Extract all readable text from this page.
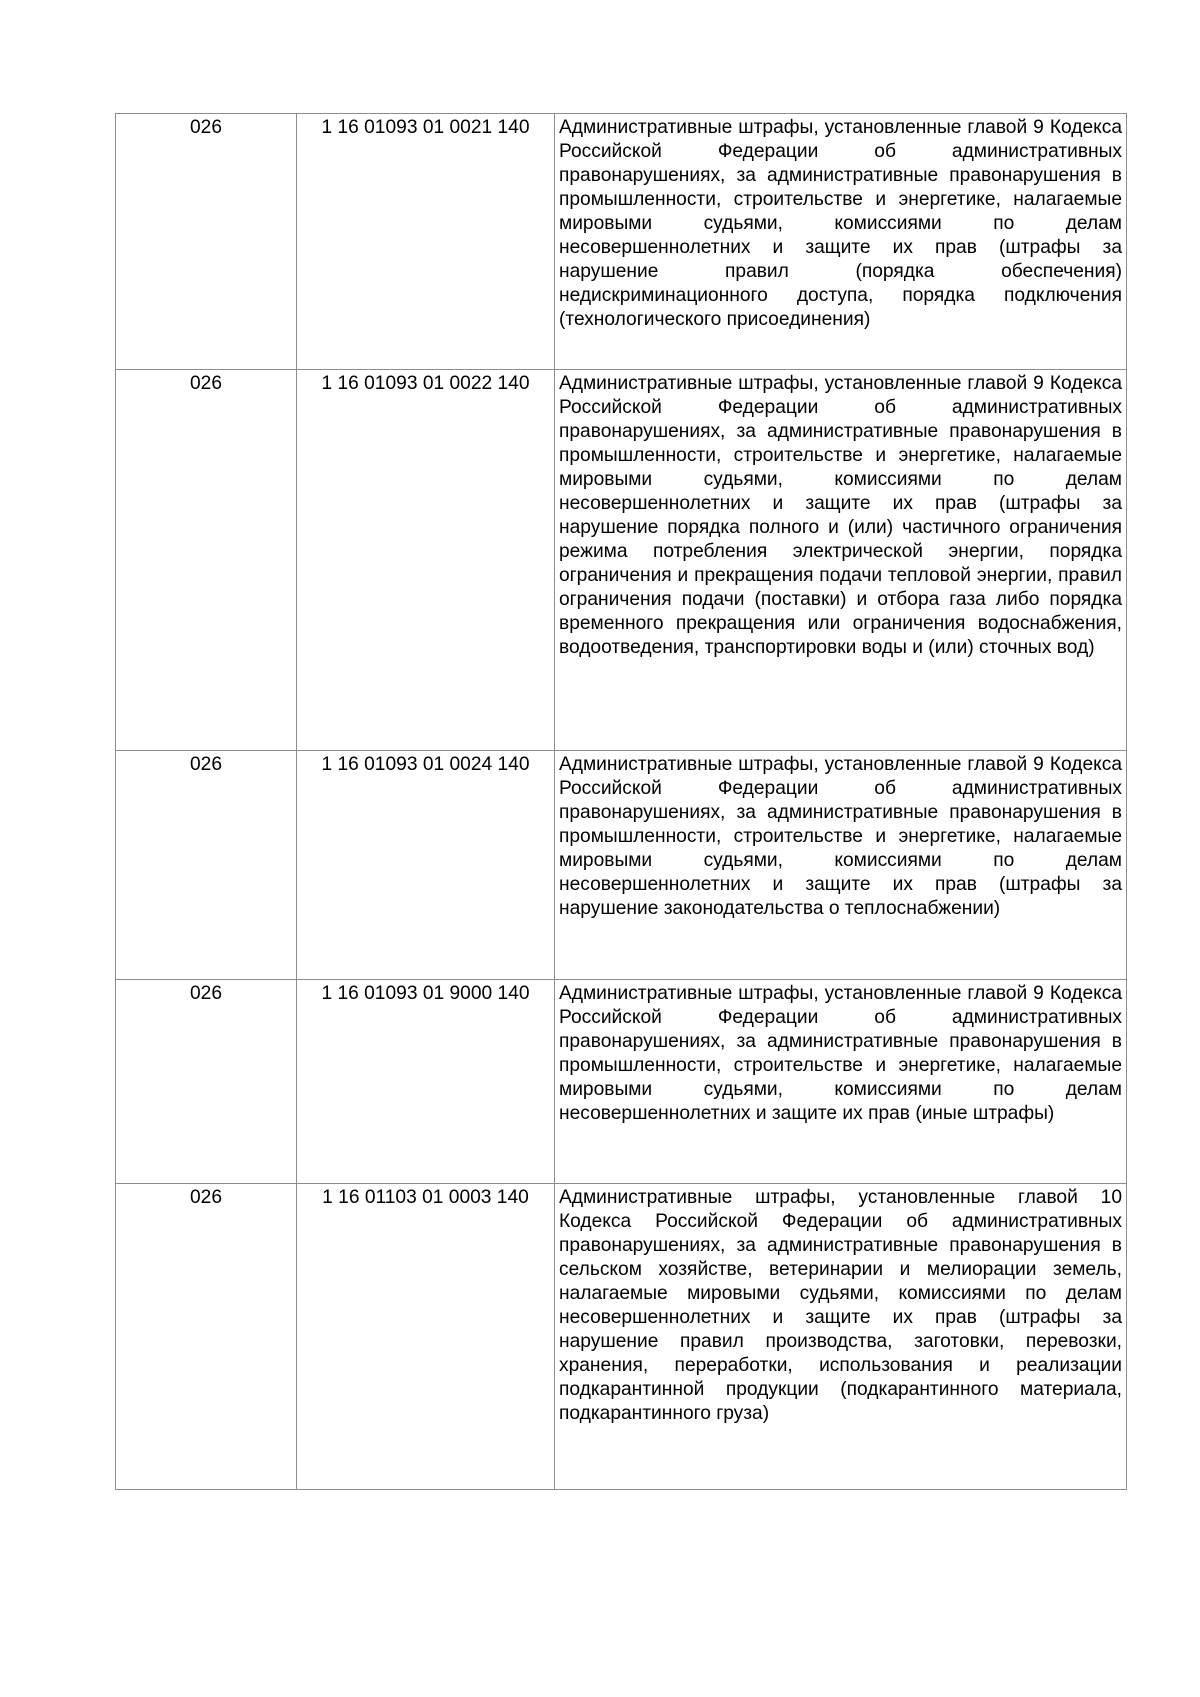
026	1 16 01093 01 0021 140	Административные штрафы, установленные главой 9 Кодекса Российской Федерации об административных правонарушениях, за административные правонарушения в промышленности, строительстве и энергетике, налагаемые мировыми судьями, комиссиями по делам несовершеннолетних и защите их прав (штрафы за нарушение правил (порядка обеспечения) недискриминационного доступа, порядка подключения (технологического присоединения)
026	1 16 01093 01 0022 140	Административные штрафы, установленные главой 9 Кодекса Российской Федерации об административных правонарушениях, за административные правонарушения в промышленности, строительстве и энергетике, налагаемые мировыми судьями, комиссиями по делам несовершеннолетних и защите их прав (штрафы за нарушение порядка полного и (или) частичного ограничения режима потребления электрической энергии, порядка ограничения и прекращения подачи тепловой энергии, правил ограничения подачи (поставки) и отбора газа либо порядка временного прекращения или ограничения водоснабжения, водоотведения, транспортировки воды и (или) сточных вод)
026	1 16 01093 01 0024 140	Административные штрафы, установленные главой 9 Кодекса Российской Федерации об административных правонарушениях, за административные правонарушения в промышленности, строительстве и энергетике, налагаемые мировыми судьями, комиссиями по делам несовершеннолетних и защите их прав (штрафы за нарушение законодательства о теплоснабжении)
026	1 16 01093 01 9000 140	Административные штрафы, установленные главой 9 Кодекса Российской Федерации об административных правонарушениях, за административные правонарушения в промышленности, строительстве и энергетике, налагаемые мировыми судьями, комиссиями по делам несовершеннолетних и защите их прав (иные штрафы)
026	1 16 01103 01 0003 140	Административные штрафы, установленные главой 10 Кодекса Российской Федерации об административных правонарушениях, за административные правонарушения в сельском хозяйстве, ветеринарии и мелиорации земель, налагаемые мировыми судьями, комиссиями по делам несовершеннолетних и защите их прав (штрафы за нарушение правил производства, заготовки, перевозки, хранения, переработки, использования и реализации подкарантинной продукции (подкарантинного материала, подкарантинного груза)
